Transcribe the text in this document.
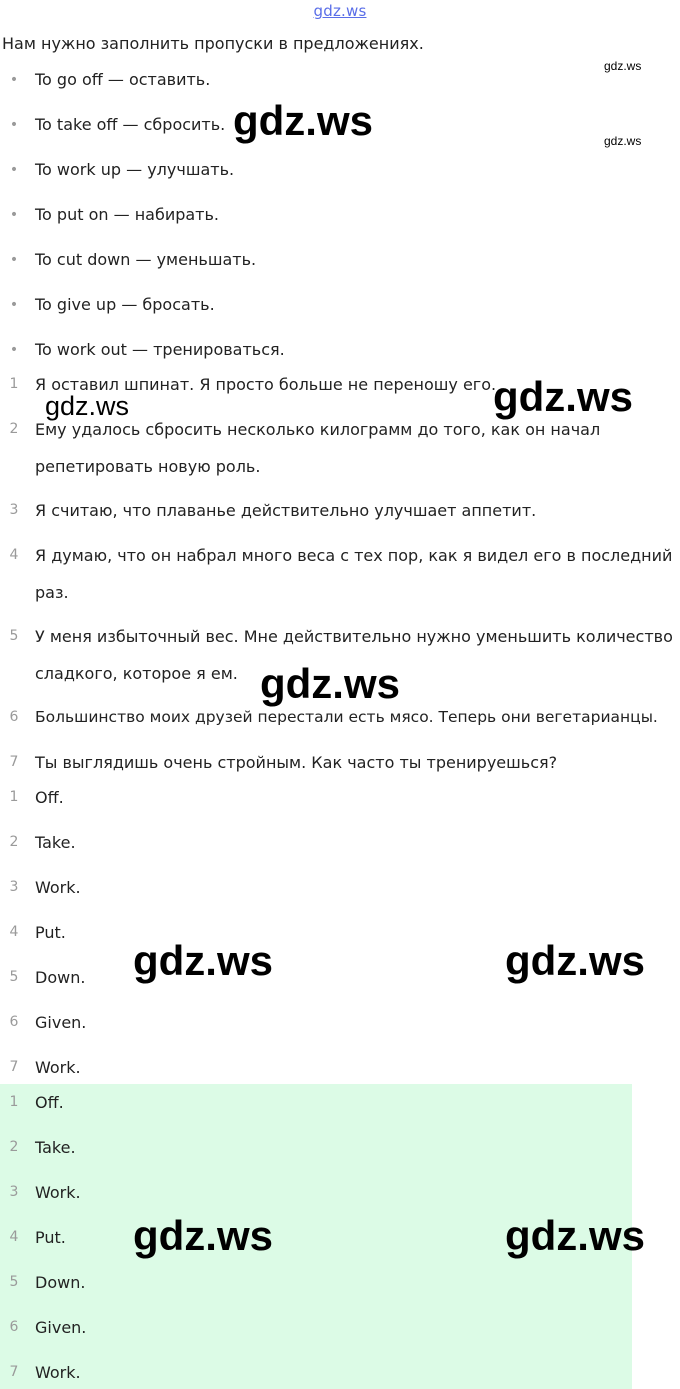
gdz.ws
Нам нужно заполнить пропуски в предложениях.
•	To go off — оставить.
•	To take off — сбросить.
•	To work up — улучшать.
•	To put on — набирать.
•	To cut down — уменьшать.
•	To give up — бросать.
•	To work out — тренироваться.
1	Я оставил шпинат. Я просто больше не переношу его.
2	Ему удалось сбросить несколько килограмм до того, как он начал репетировать новую роль.
3	Я считаю, что плаванье действительно улучшает аппетит.
4	Я думаю, что он набрал много веса с тех пор, как я видел его в последний раз.
5	У меня избыточный вес. Мне действительно нужно уменьшить количество сладкого, которое я ем.
6	Большинство моих друзей перестали есть мясо. Теперь они вегетарианцы.
7	Ты выглядишь очень стройным. Как часто ты тренируешься?
1	Off.
2	Take.
3	Work.
4	Put.
5	Down.
6	Given.
7	Work.
1	Off.
2	Take.
3	Work.
4	Put.
5	Down.
6	Given.
7	Work.
gdz.ws
gdz.ws
gdz.ws
gdz.ws	gdz.ws
gdz.ws
gdz.ws	gdz.ws
gdz.ws	gdz.ws
